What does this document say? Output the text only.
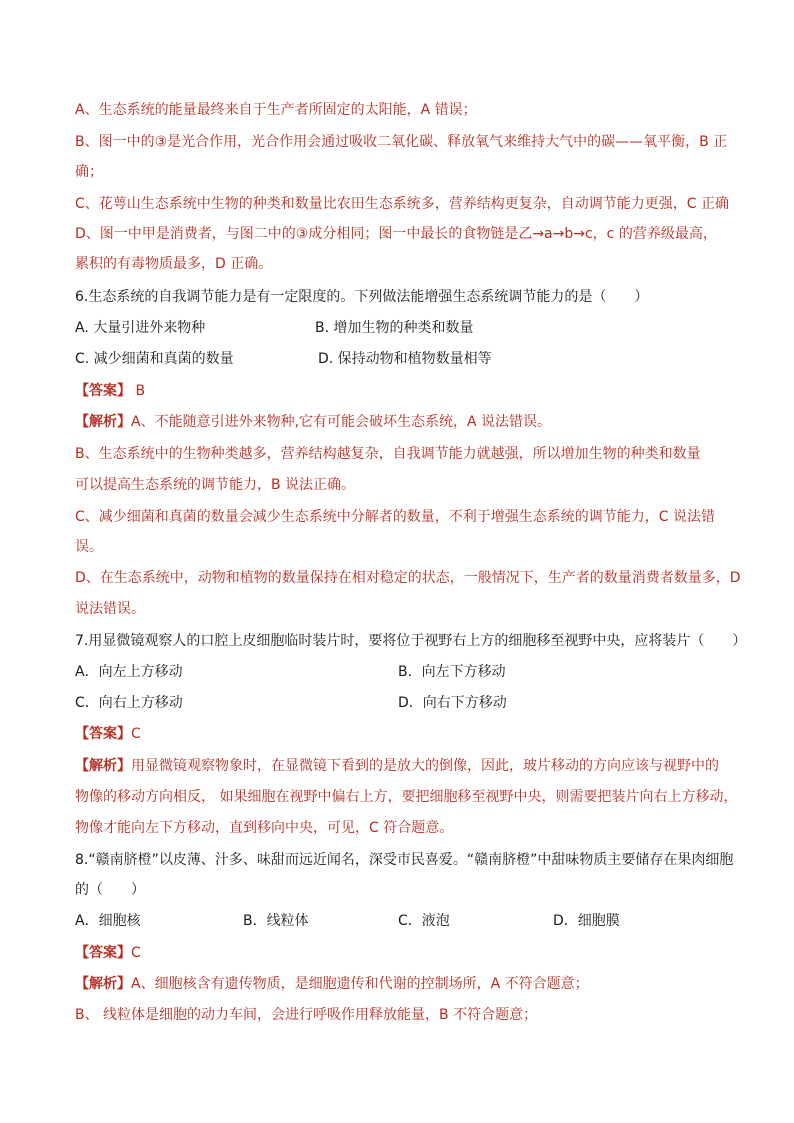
A、生态系统的能量最终来自于生产者所固定的太阳能，A 错误；
B、图一中的③是光合作用，光合作用会通过吸收二氧化碳、释放氧气来维持大气中的碳——氧平衡，B 正
确；
C、花萼山生态系统中生物的种类和数量比农田生态系统多，营养结构更复杂，自动调节能力更强，C 正确
D、图一中甲是消费者，与图二中的③成分相同；图一中最长的食物链是乙→a→b→c，c 的营养级最高，
累积的有毒物质最多，D 正确。
6.生态系统的自我调节能力是有一定限度的。下列做法能增强生态系统调节能力的是（　　）
A. 大量引进外来物种	B. 增加生物的种类和数量
C. 减少细菌和真菌的数量	D. 保持动物和植物数量相等
【答案】 B
【解析】A、不能随意引进外来物种,它有可能会破坏生态系统，A 说法错误。
B、生态系统中的生物种类越多，营养结构越复杂，自我调节能力就越强，所以增加生物的种类和数量
可以提高生态系统的调节能力，B 说法正确。
C、减少细菌和真菌的数量会减少生态系统中分解者的数量，不利于增强生态系统的调节能力，C 说法错
误。
D、在生态系统中，动物和植物的数量保持在相对稳定的状态，一般情况下，生产者的数量消费者数量多，D
说法错误。
7.用显微镜观察人的口腔上皮细胞临时装片时，要将位于视野右上方的细胞移至视野中央，应将装片（　　）
A．向左上方移动	B．向左下方移动
C．向右上方移动	D．向右下方移动
【答案】C
【解析】用显微镜观察物象时，在显微镜下看到的是放大的倒像，因此，玻片移动的方向应该与视野中的
物像的移动方向相反， 如果细胞在视野中偏右上方，要把细胞移至视野中央，则需要把装片向右上方移动，
物像才能向左下方移动，直到移向中央，可见，C 符合题意。
8.“赣南脐橙”以皮薄、汁多、味甜而远近闻名，深受市民喜爱。“赣南脐橙”中甜味物质主要储存在果肉细胞
的（　　）
A．细胞核	B．线粒体	C．液泡	D．细胞膜
【答案】C
【解析】A、细胞核含有遗传物质，是细胞遗传和代谢的控制场所，A 不符合题意；
B、 线粒体是细胞的动力车间，会进行呼吸作用释放能量，B 不符合题意；
